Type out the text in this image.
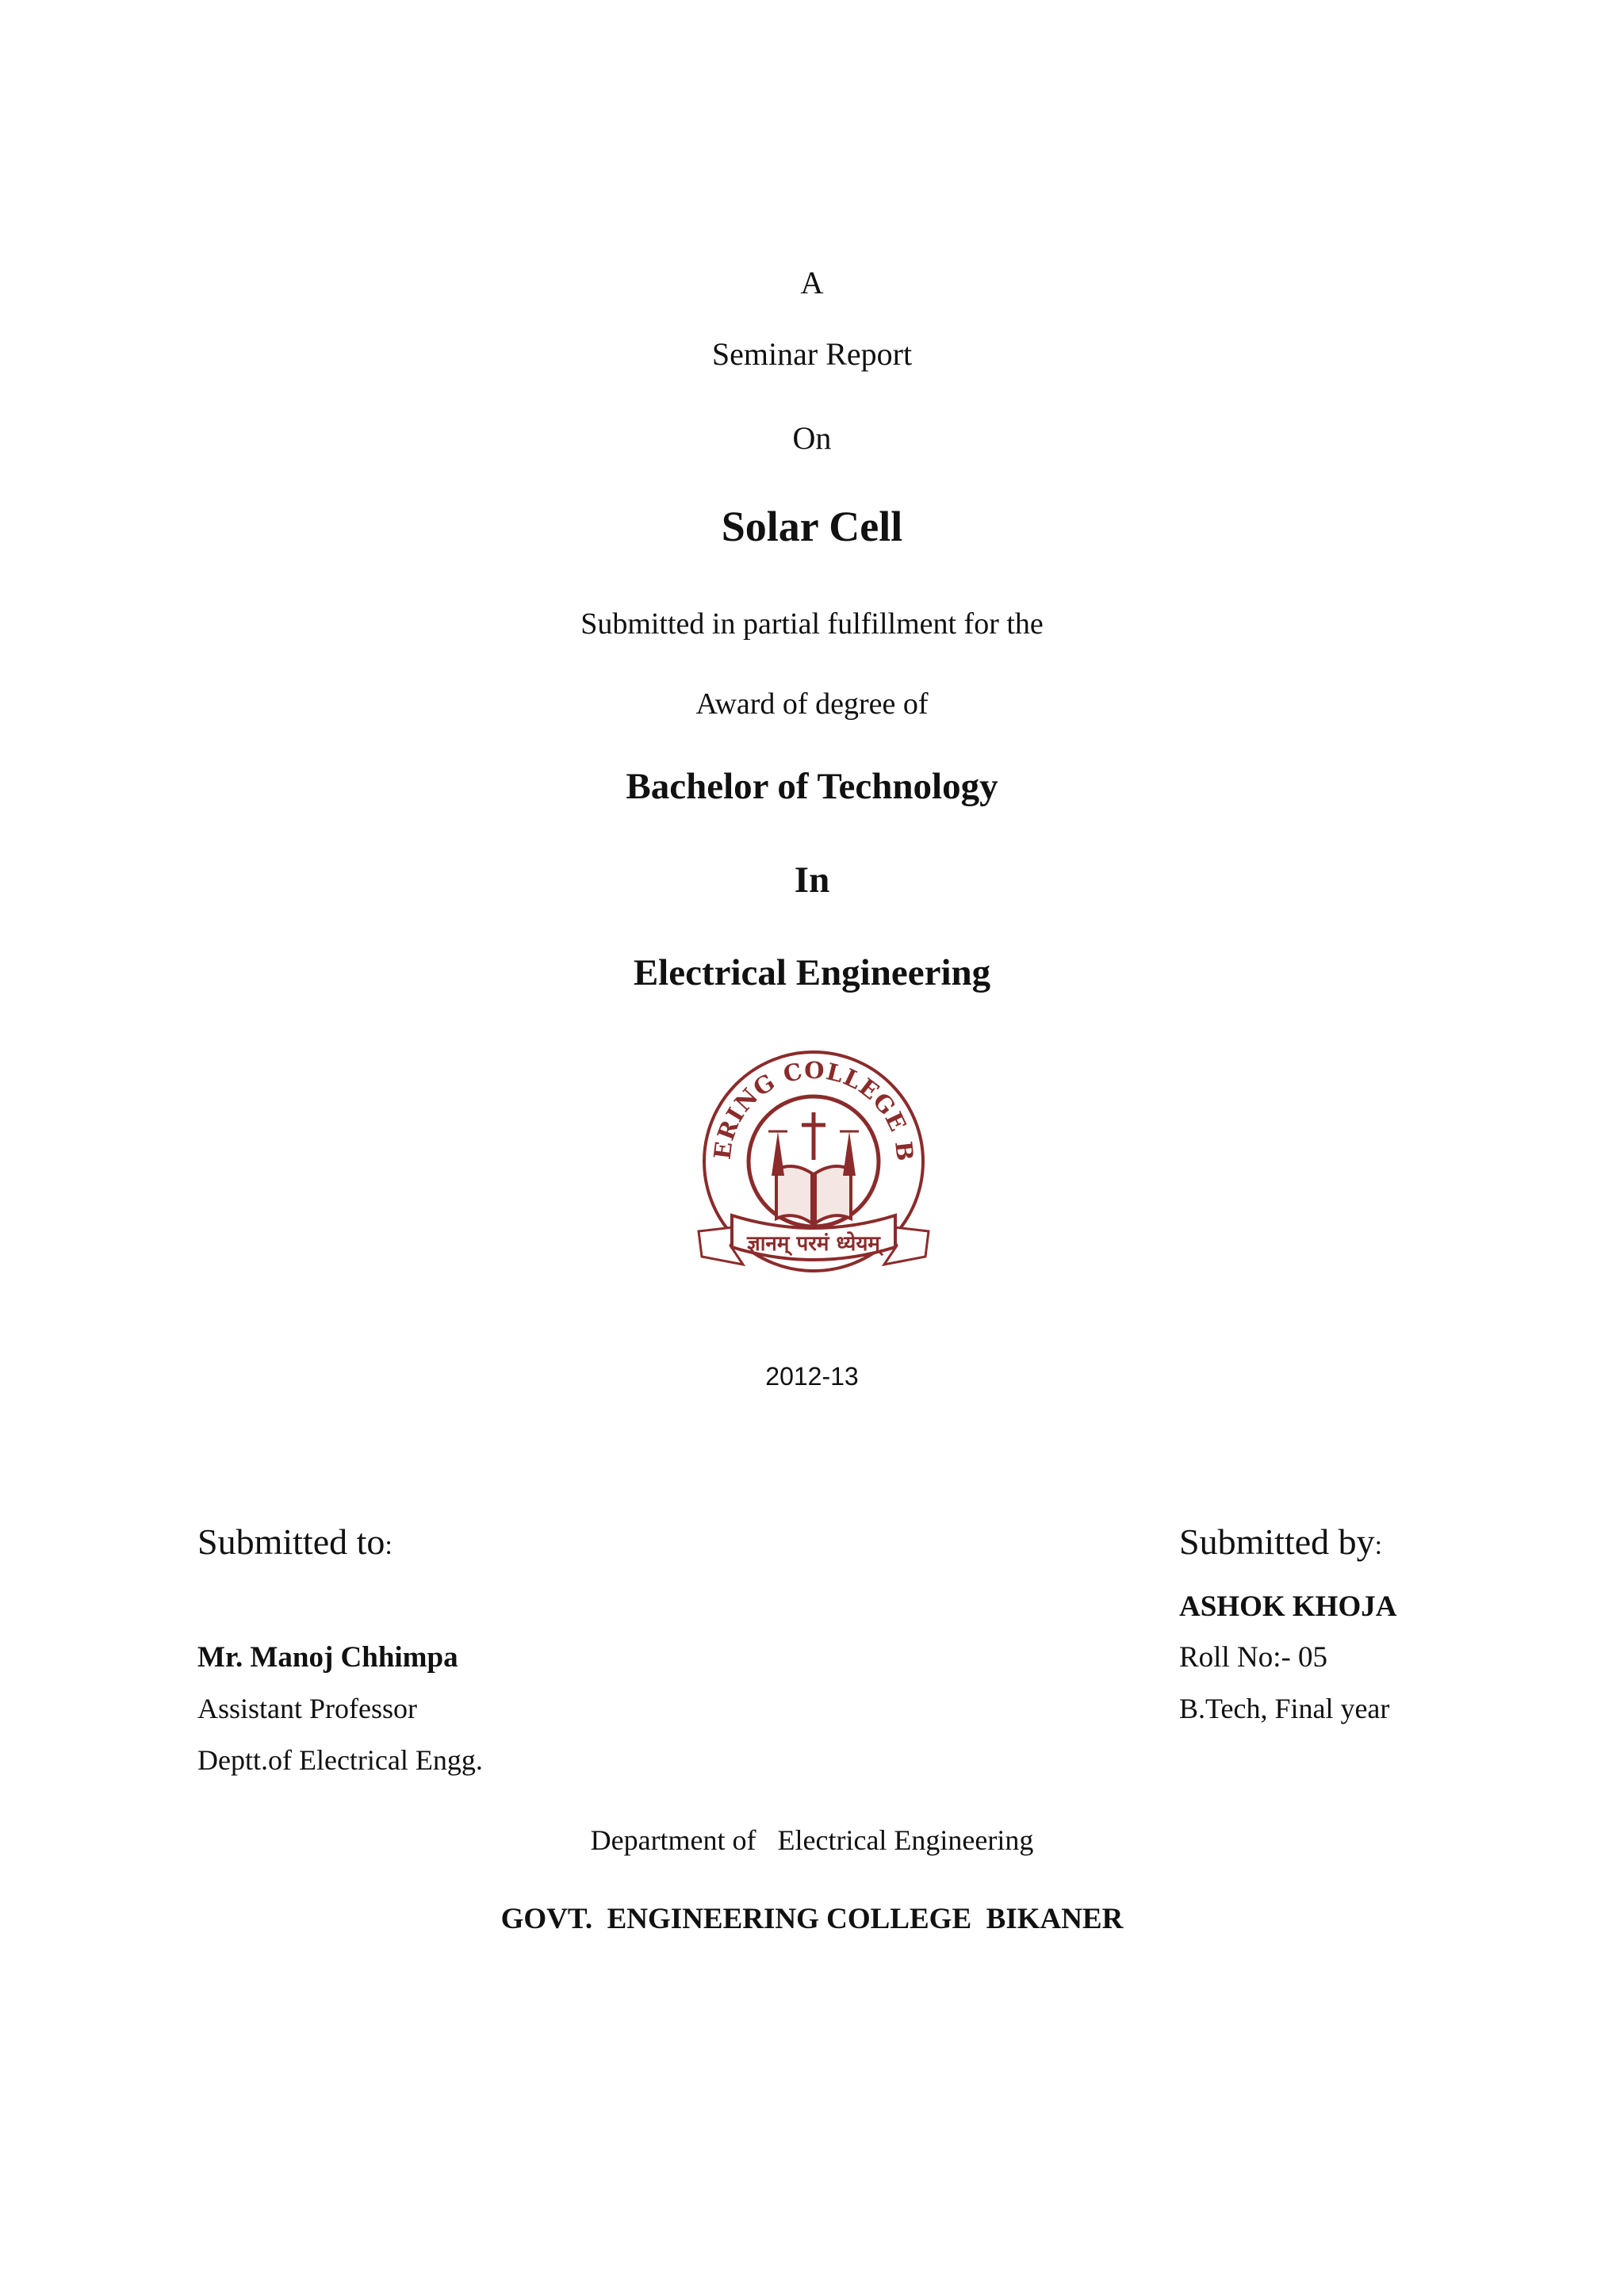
A
Seminar Report
On
Solar Cell
Submitted in partial fulfillment for the
Award of degree of
Bachelor of Technology
In
Electrical Engineering
ERING COLLEGE B
ज्ञानम् परमं ध्येयम्
2012-13
Submitted to:
Mr. Manoj Chhimpa
Assistant Professor
Deptt.of Electrical Engg.
Submitted by:
ASHOK KHOJA
Roll No:- 05
B.Tech, Final year
Department of   Electrical Engineering
GOVT.  ENGINEERING COLLEGE  BIKANER
